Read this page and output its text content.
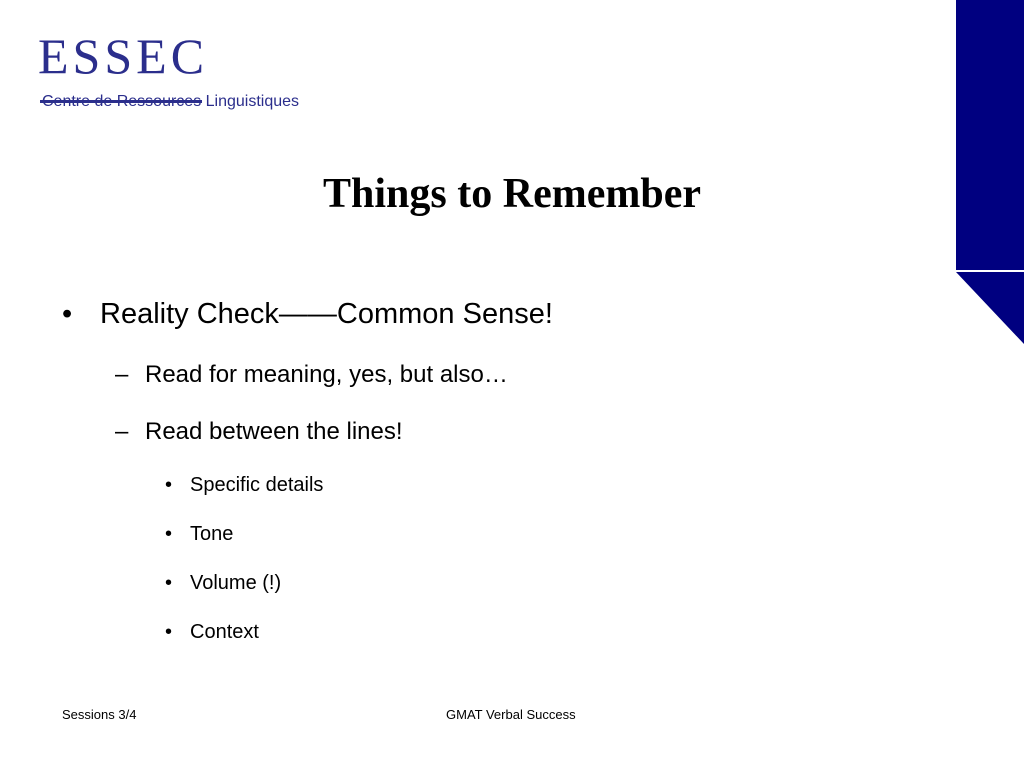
ESSEC
Centre de Ressources Linguistiques
Things to Remember
• Reality Check——Common Sense!
– Read for meaning, yes, but also…
– Read between the lines!
• Specific details
• Tone
• Volume (!)
• Context
Sessions 3/4	GMAT Verbal Success
